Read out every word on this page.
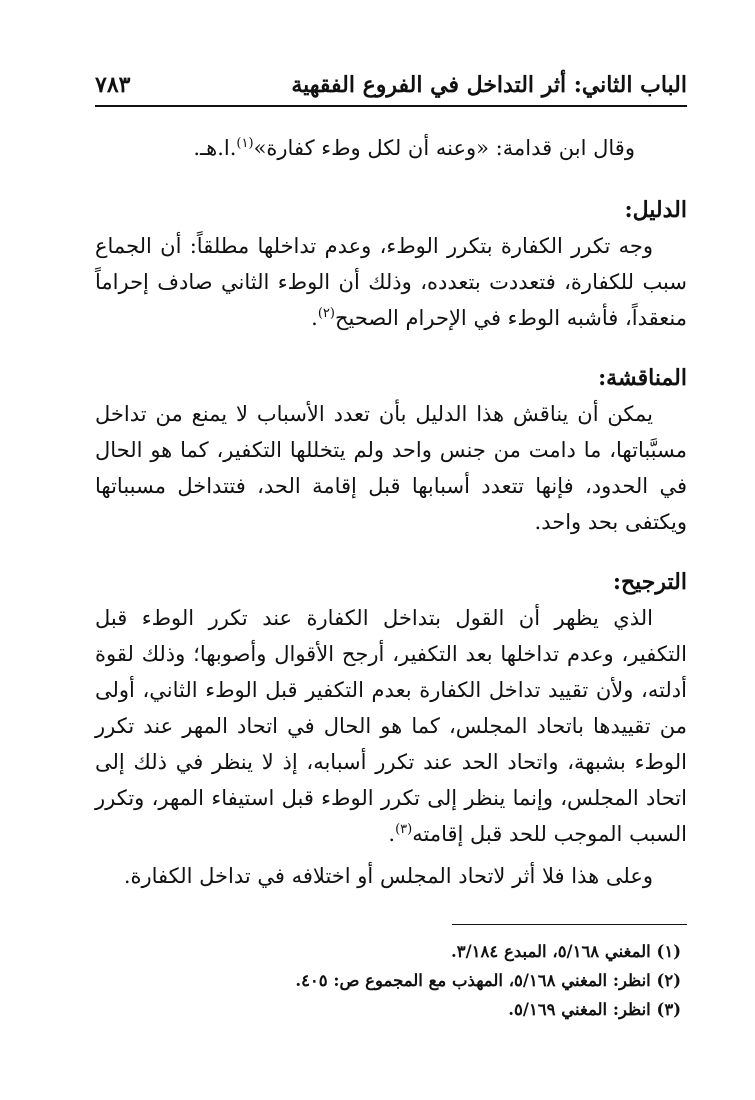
الباب الثاني: أثر التداخل في الفروع الفقهية
٧٨٣

وقال ابن قدامة: «وعنه أن لكل وطء كفارة»$^{(١)}$.ا.هـ.

الدليل:

وجه تكرر الكفارة بتكرر الوطء، وعدم تداخلها مطلقاً: أن الجماع سبب للكفارة، فتعددت بتعدده، وذلك أن الوطء الثاني صادف إحراماً منعقداً، فأشبه الوطء في الإحرام الصحيح$^{(٢)}$.

المناقشة:

يمكن أن يناقش هذا الدليل بأن تعدد الأسباب لا يمنع من تداخل مسبَّباتها، ما دامت من جنس واحد ولم يتخللها التكفير، كما هو الحال في الحدود، فإنها تتعدد أسبابها قبل إقامة الحد، فتتداخل مسبباتها ويكتفى بحد واحد.

الترجيح:

الذي يظهر أن القول بتداخل الكفارة عند تكرر الوطء قبل التكفير، وعدم تداخلها بعد التكفير، أرجح الأقوال وأصوبها؛ وذلك لقوة أدلته، ولأن تقييد تداخل الكفارة بعدم التكفير قبل الوطء الثاني، أولى من تقييدها باتحاد المجلس، كما هو الحال في اتحاد المهر عند تكرر الوطء بشبهة، واتحاد الحد عند تكرر أسبابه، إذ لا ينظر في ذلك إلى اتحاد المجلس، وإنما ينظر إلى تكرر الوطء قبل استيفاء المهر، وتكرر السبب الموجب للحد قبل إقامته$^{(٣)}$.

وعلى هذا فلا أثر لاتحاد المجلس أو اختلافه في تداخل الكفارة.

(١) المغني ٥/١٦٨، المبدع ٣/١٨٤.

(٢) انظر: المغني ٥/١٦٨، المهذب مع المجموع ص: ٤٠٥.

(٣) انظر: المغني ٥/١٦٩.
